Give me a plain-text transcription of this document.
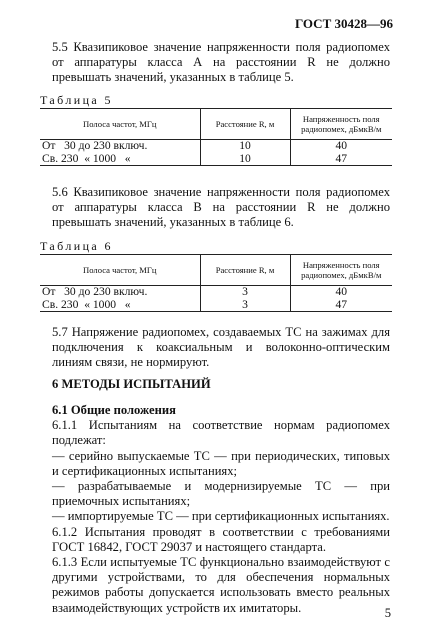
ГОСТ 30428—96

5.5 Квазипиковое значение напряженности поля радиопомех от аппаратуры класса А на расстоянии R не должно превышать значений, указанных в таблице 5.

Таблица 5

Полоса частот, МГц	Расстояние R, м	Напряженность поля радиопомех, дБмкВ/м
От   30 до 230 включ.	10	40
Св. 230  « 1000   «	10	47

5.6 Квазипиковое значение напряженности поля радиопомех от аппаратуры класса В на расстоянии R не должно превышать значений, указанных в таблице 6.

Таблица 6

Полоса частот, МГц	Расстояние R, м	Напряженность поля радиопомех, дБмкВ/м
От   30 до 230 включ.	3	40
Св. 230  « 1000   «	3	47

5.7 Напряжение радиопомех, создаваемых ТС на зажимах для подключения к коаксиальным и волоконно-оптическим линиям связи, не нормируют.

6 МЕТОДЫ ИСПЫТАНИЙ

6.1 Общие положения
6.1.1 Испытаниям на соответствие нормам радиопомех подлежат:
— серийно выпускаемые ТС — при периодических, типовых и сертификационных испытаниях;
— разрабатываемые и модернизируемые ТС — при приемочных испытаниях;
— импортируемые ТС — при сертификационных испытаниях.
6.1.2 Испытания проводят в соответствии с требованиями ГОСТ 16842, ГОСТ 29037 и настоящего стандарта.
6.1.3 Если испытуемые ТС функционально взаимодействуют с другими устройствами, то для обеспечения нормальных режимов работы допускается использовать вместо реальных взаимодействующих устройств их имитаторы.	5
